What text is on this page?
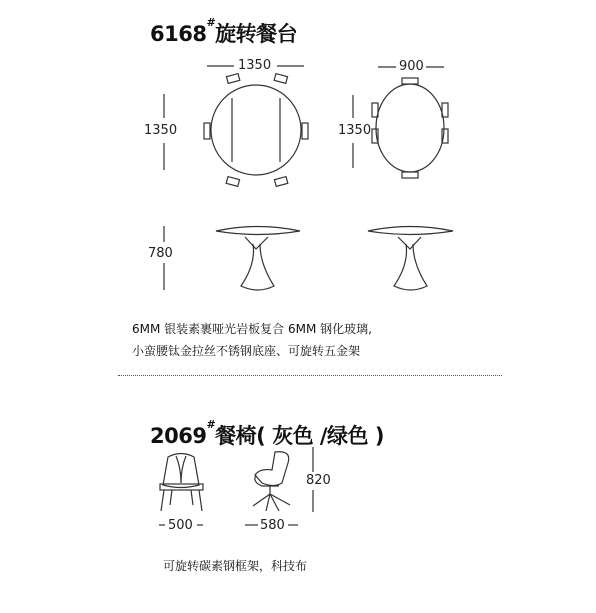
6168#旋转餐台
1350	900
1350	1350
780
6MM 银装素裹哑光岩板复合 6MM 钢化玻璃,
小蛮腰钛金拉丝不锈钢底座、可旋转五金架
2069#餐椅( 灰色 /绿色 )
820
500	580
可旋转碳素钢框架，科技布
